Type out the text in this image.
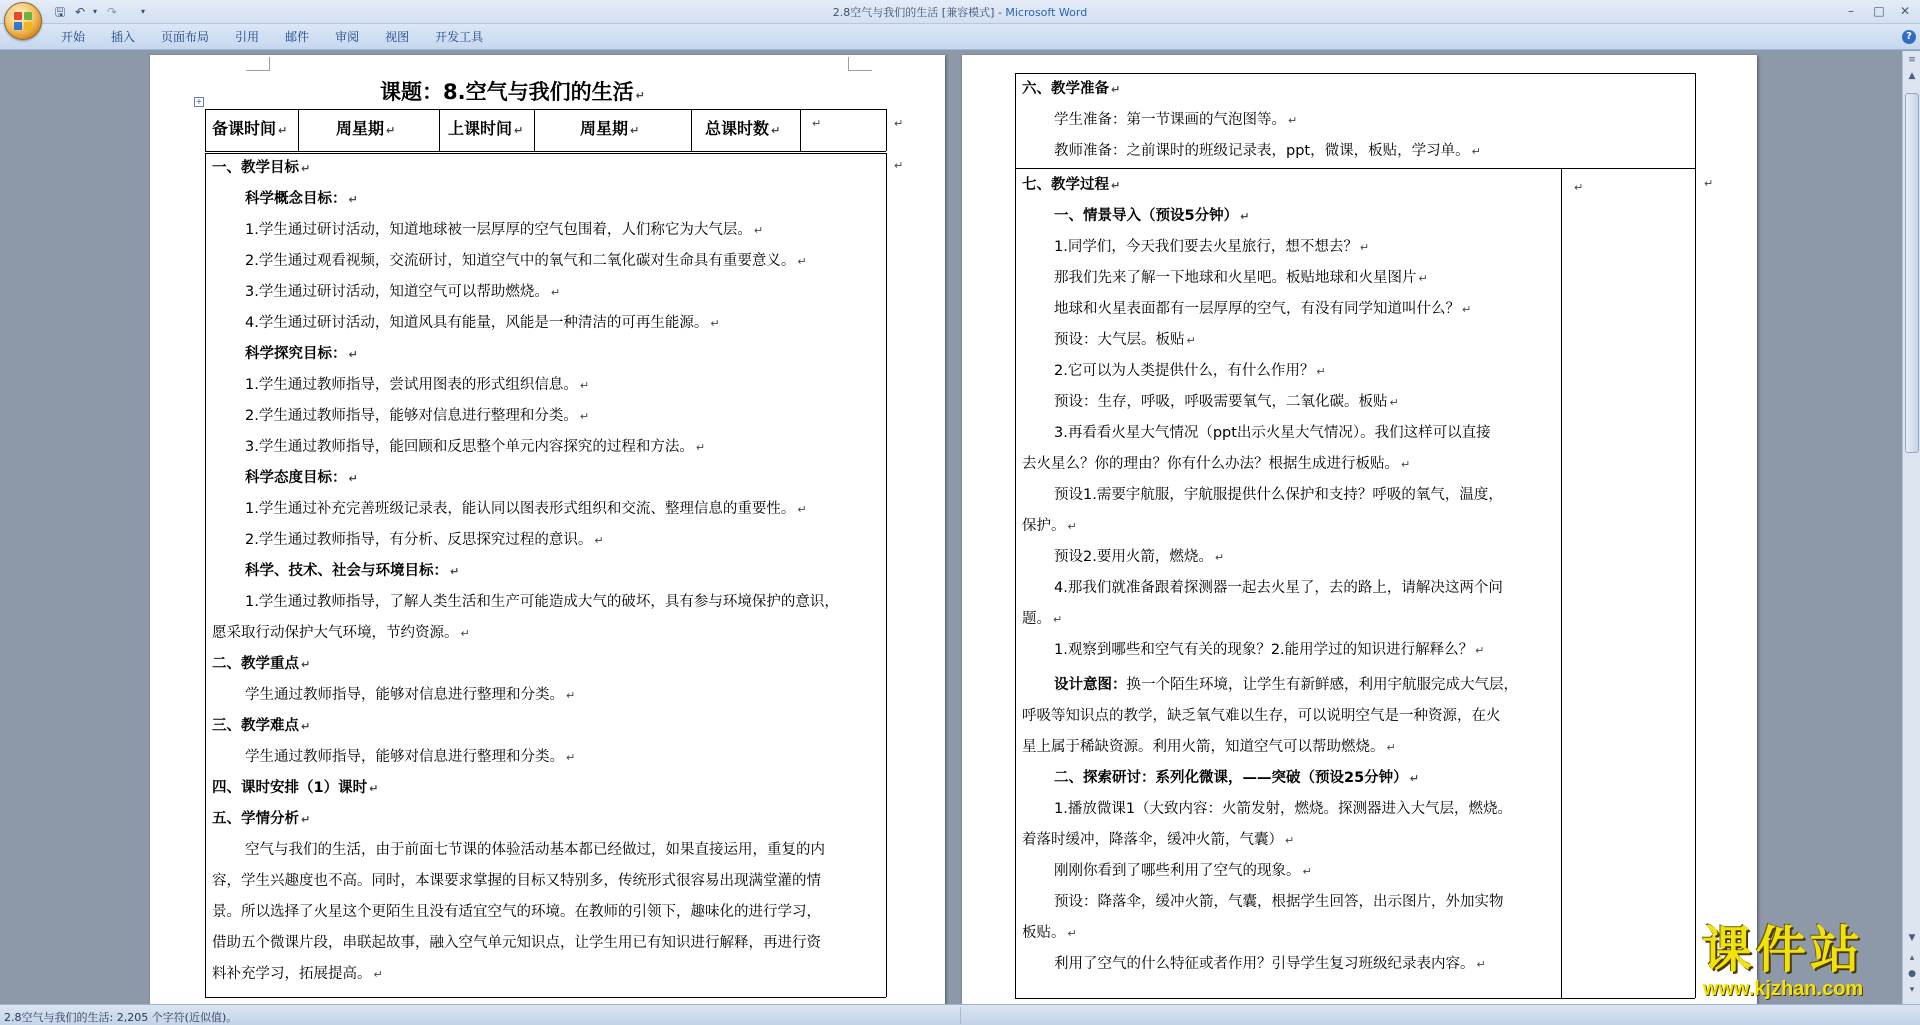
🖫 ↶ ▾ ↷	▾	2.8空气与我们的生活 [兼容模式] - Microsoft Word	–	□	✕
开始	插入	页面布局	引用	邮件	审阅	视图	开发工具	?
+	课题：8.空气与我们的生活 ↵
备课时间 ↵	周星期 ↵	上课时间 ↵	周星期 ↵	总课时数 ↵
↵	↵
↵
一、教学目标 ↵
科学概念目标： ↵
1.学生通过研讨活动，知道地球被一层厚厚的空气包围着，人们称它为大气层。 ↵
2.学生通过观看视频，交流研讨，知道空气中的氧气和二氧化碳对生命具有重要意义。 ↵
3.学生通过研讨活动，知道空气可以帮助燃烧。 ↵
4.学生通过研讨活动，知道风具有能量，风能是一种清洁的可再生能源。 ↵
科学探究目标： ↵
1.学生通过教师指导，尝试用图表的形式组织信息。 ↵
2.学生通过教师指导，能够对信息进行整理和分类。 ↵
3.学生通过教师指导，能回顾和反思整个单元内容探究的过程和方法。 ↵
科学态度目标： ↵
1.学生通过补充完善班级记录表，能认同以图表形式组织和交流、整理信息的重要性。 ↵
2.学生通过教师指导，有分析、反思探究过程的意识。 ↵
科学、技术、社会与环境目标： ↵
1.学生通过教师指导，了解人类生活和生产可能造成大气的破坏，具有参与环境保护的意识，
愿采取行动保护大气环境，节约资源。 ↵
二、教学重点 ↵
学生通过教师指导，能够对信息进行整理和分类。 ↵
三、教学难点 ↵
学生通过教师指导，能够对信息进行整理和分类。 ↵
四、课时安排（1）课时 ↵
五、学情分析 ↵
空气与我们的生活，由于前面七节课的体验活动基本都已经做过，如果直接运用，重复的内
容，学生兴趣度也不高。同时，本课要求掌握的目标又特别多，传统形式很容易出现满堂灌的情
景。所以选择了火星这个更陌生且没有适宜空气的环境。在教师的引领下，趣味化的进行学习，
借助五个微课片段，串联起故事，融入空气单元知识点，让学生用已有知识进行解释，再进行资
料补充学习，拓展提高。 ↵
↵	↵
六、教学准备 ↵
学生准备：第一节课画的气泡图等。 ↵
教师准备：之前课时的班级记录表，ppt，微课，板贴，学习单。 ↵
七、教学过程 ↵
一、情景导入（预设5分钟） ↵
1.同学们，今天我们要去火星旅行，想不想去？ ↵
那我们先来了解一下地球和火星吧。板贴地球和火星图片 ↵
地球和火星表面都有一层厚厚的空气，有没有同学知道叫什么？ ↵
预设：大气层。板贴 ↵
2.它可以为人类提供什么，有什么作用？ ↵
预设：生存，呼吸，呼吸需要氧气，二氧化碳。板贴 ↵
3.再看看火星大气情况（ppt出示火星大气情况）。我们这样可以直接
去火星么？你的理由？你有什么办法？根据生成进行板贴。 ↵
预设1.需要宇航服，宇航服提供什么保护和支持？呼吸的氧气，温度，
保护。 ↵
预设2.要用火箭，燃烧。 ↵
4.那我们就准备跟着探测器一起去火星了，去的路上，请解决这两个问
题。 ↵
1.观察到哪些和空气有关的现象？2.能用学过的知识进行解释么？ ↵
设计意图：换一个陌生环境，让学生有新鲜感，利用宇航服完成大气层，
呼吸等知识点的教学，缺乏氧气难以生存，可以说明空气是一种资源，在火
星上属于稀缺资源。利用火箭，知道空气可以帮助燃烧。 ↵
二、探索研讨：系列化微课，——突破（预设25分钟） ↵
1.播放微课1（大致内容：火箭发射，燃烧。探测器进入大气层，燃烧。
着落时缓冲，降落伞，缓冲火箭，气囊） ↵
刚刚你看到了哪些利用了空气的现象。 ↵
预设：降落伞，缓冲火箭，气囊，根据学生回答，出示图片，外加实物
板贴。 ↵
利用了空气的什么特征或者作用？引导学生复习班级纪录表内容。 ↵
≡
▲
▼
▴
●
▾
2.8空气与我们的生活: 2,205 个字符(近似值)。
课件站
www.kjzhan.com
